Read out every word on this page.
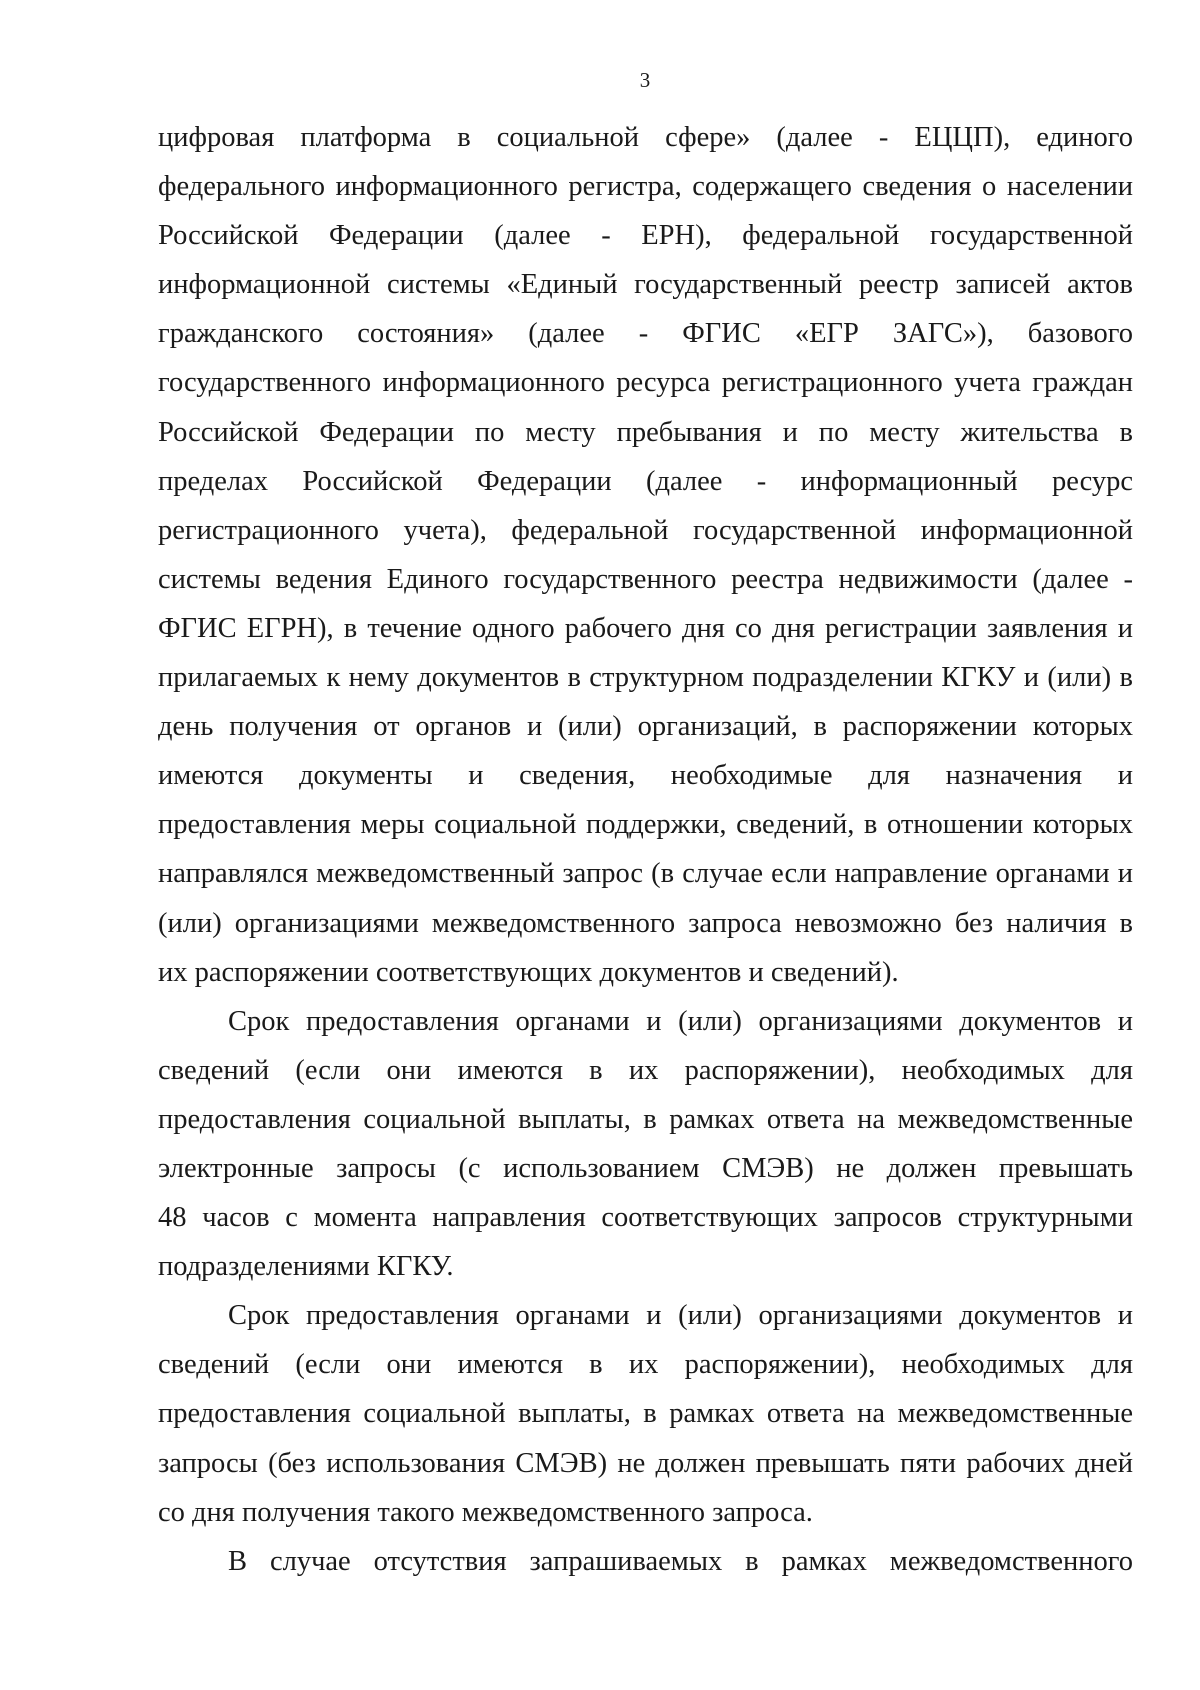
3
цифровая платформа в социальной сфере» (далее - ЕЦЦП), единого
федерального информационного регистра, содержащего сведения о населении
Российской Федерации (далее - ЕРН), федеральной государственной
информационной системы «Единый государственный реестр записей актов
гражданского состояния» (далее - ФГИС «ЕГР ЗАГС»), базового
государственного информационного ресурса регистрационного учета граждан
Российской Федерации по месту пребывания и по месту жительства в
пределах Российской Федерации (далее - информационный ресурс
регистрационного учета), федеральной государственной информационной
системы ведения Единого государственного реестра недвижимости (далее -
ФГИС ЕГРН), в течение одного рабочего дня со дня регистрации заявления и
прилагаемых к нему документов в структурном подразделении КГКУ и (или) в
день получения от органов и (или) организаций, в распоряжении которых
имеются документы и сведения, необходимые для назначения и
предоставления меры социальной поддержки, сведений, в отношении которых
направлялся межведомственный запрос (в случае если направление органами и
(или) организациями межведомственного запроса невозможно без наличия в
их распоряжении соответствующих документов и сведений).
Срок предоставления органами и (или) организациями документов и
сведений (если они имеются в их распоряжении), необходимых для
предоставления социальной выплаты, в рамках ответа на межведомственные
электронные запросы (с использованием СМЭВ) не должен превышать
48 часов с момента направления соответствующих запросов структурными
подразделениями КГКУ.
Срок предоставления органами и (или) организациями документов и
сведений (если они имеются в их распоряжении), необходимых для
предоставления социальной выплаты, в рамках ответа на межведомственные
запросы (без использования СМЭВ) не должен превышать пяти рабочих дней
со дня получения такого межведомственного запроса.
В случае отсутствия запрашиваемых в рамках межведомственного
